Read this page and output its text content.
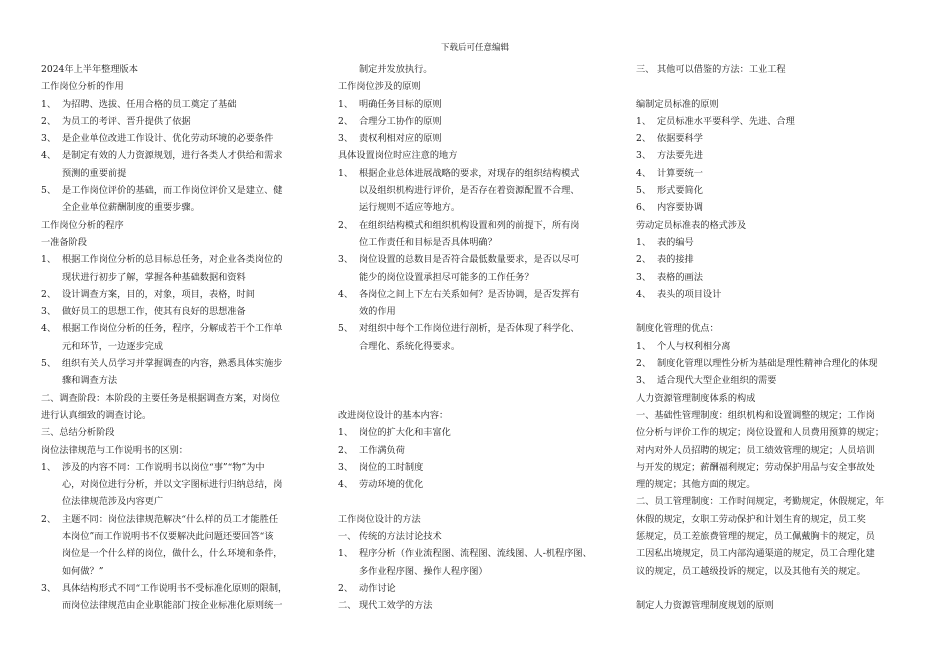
下载后可任意编辑
2024年上半年整理版本
工作岗位分析的作用
1、 为招聘、选拔、任用合格的员工奠定了基础
2、 为员工的考评、晋升提供了依据
3、 是企业单位改进工作设计、优化劳动环境的必要条件
4、 是制定有效的人力资源规划，进行各类人才供给和需求
预测的重要前提
5、 是工作岗位评价的基础，而工作岗位评价又是建立、健
全企业单位薪酬制度的重要步骤。
工作岗位分析的程序
一准备阶段
1、 根据工作岗位分析的总目标总任务，对企业各类岗位的
现状进行初步了解，掌握各种基础数据和资料
2、 设计调查方案，目的，对象，项目，表格，时间
3、 做好员工的思想工作，使其有良好的思想准备
4、 根据工作岗位分析的任务，程序，分解成若干个工作单
元和环节，一边逐步完成
5、 组织有关人员学习并掌握调查的内容，熟悉具体实施步
骤和调查方法
二、调查阶段：本阶段的主要任务是根据调查方案，对岗位
进行认真细致的调查讨论。
三、总结分析阶段
岗位法律规范与工作说明书的区别：
1、 涉及的内容不同：工作说明书以岗位“事”“物”为中
心，对岗位进行分析，并以文字图标进行归纳总结，岗
位法律规范涉及内容更广
2、 主题不同：岗位法律规范解决“什么样的员工才能胜任
本岗位”而工作说明书不仅要解决此问题还要回答“该
岗位是一个什么样的岗位，做什么，什么环境和条件，
如何做？”
3、 具体结构形式不同“工作说明书不受标准化原则的限制，
而岗位法律规范由企业职能部门按企业标准化原则统一
制定并发放执行。
工作岗位涉及的原则
1、 明确任务目标的原则
2、 合理分工协作的原则
3、 责权利相对应的原则
具体设置岗位时应注意的地方
1、 根据企业总体进展战略的要求，对现存的组织结构模式
以及组织机构进行评价，是否存在着资源配置不合理、
运行规则不适应等地方。
2、 在组织结构模式和组织机构设置和列的前提下，所有岗
位工作责任和目标是否具体明确？
3、 岗位设置的总数目是否符合最低数量要求，是否以尽可
能少的岗位设置承担尽可能多的工作任务？
4、 各岗位之间上下左右关系如何？是否协调，是否发挥有
效的作用
5、 对组织中每个工作岗位进行剖析，是否体现了科学化、
合理化、系统化得要求。
改进岗位设计的基本内容：
1、 岗位的扩大化和丰富化
2、 工作满负荷
3、 岗位的工时制度
4、 劳动环境的优化
工作岗位设计的方法
一、 传统的方法讨论技术
1、 程序分析（作业流程图、流程图、流线图、人-机程序图、
多作业程序图、操作人程序图）
2、 动作讨论
二、 现代工效学的方法
三、 其他可以借鉴的方法：工业工程
编制定员标准的原则
1、 定员标准水平要科学、先进、合理
2、 依据要科学
3、 方法要先进
4、 计算要统一
5、 形式要简化
6、 内容要协调
劳动定员标准表的格式涉及
1、 表的编号
2、 表的接排
3、 表格的画法
4、 表头的项目设计
制度化管理的优点：
1、 个人与权利相分离
2、 制度化管理以理性分析为基础是理性精神合理化的体现
3、 适合现代大型企业组织的需要
人力资源管理制度体系的构成
一、基础性管理制度：组织机构和设置调整的规定；工作岗
位分析与评价工作的规定；岗位设置和人员费用预算的规定；
对内对外人员招聘的规定；员工绩效管理的规定；人员培训
与开发的规定；薪酬福利规定；劳动保护用品与安全事故处
理的规定；其他方面的规定。
二、员工管理制度：工作时间规定，考勤规定，休假规定，年
休假的规定，女职工劳动保护和计划生育的规定，员工奖
惩规定，员工差旅费管理的规定，员工佩戴胸卡的规定，员
工因私出境规定，员工内部沟通渠道的规定，员工合理化建
议的规定，员工越级投诉的规定，以及其他有关的规定。
制定人力资源管理制度规划的原则
